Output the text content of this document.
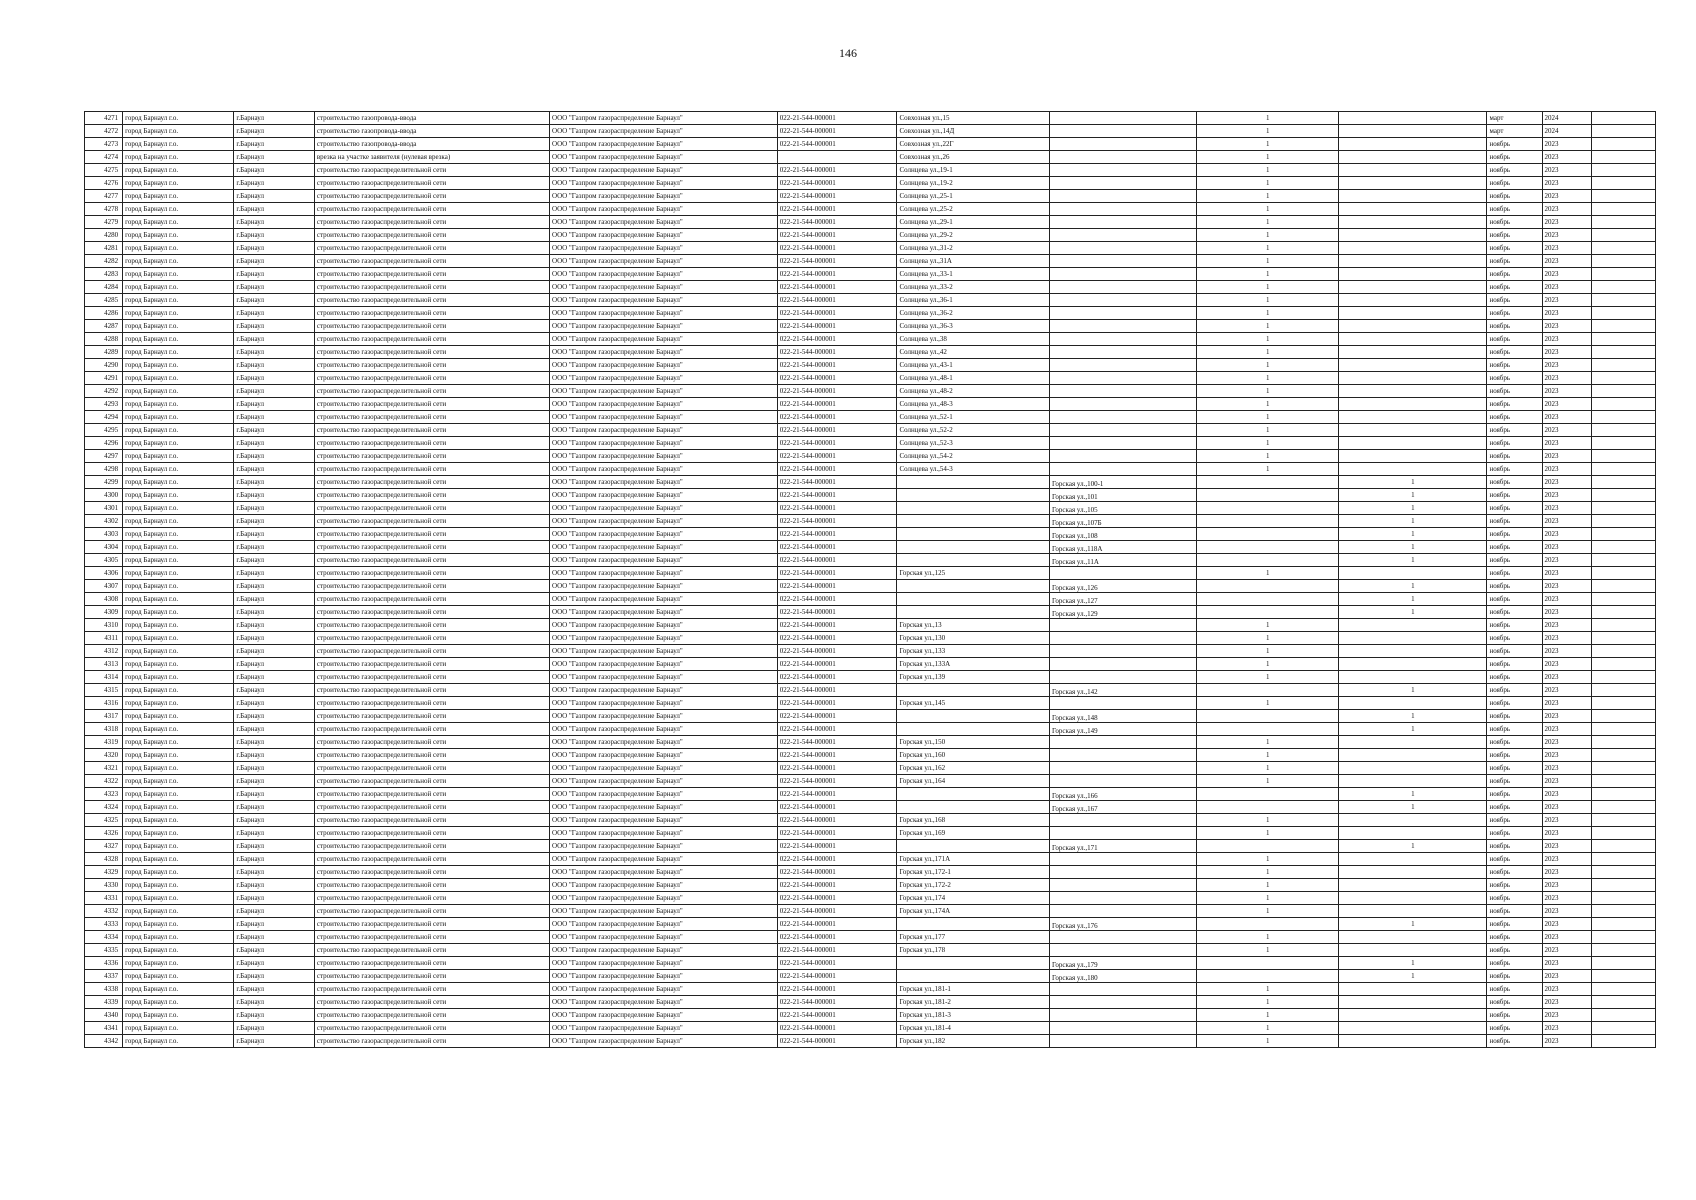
146
4271	город Барнаул г.о.	г.Барнаул	строительство газопровода-ввода	ООО "Газпром газораспределение Барнаул"	022-21-544-000001	Совхозная ул.,15		1		март	2024	
4272	город Барнаул г.о.	г.Барнаул	строительство газопровода-ввода	ООО "Газпром газораспределение Барнаул"	022-21-544-000001	Совхозная ул.,14Д		1		март	2024	
4273	город Барнаул г.о.	г.Барнаул	строительство газопровода-ввода	ООО "Газпром газораспределение Барнаул"	022-21-544-000001	Совхозная ул.,22Г		1		ноябрь	2023	
4274	город Барнаул г.о.	г.Барнаул	врезка на участке заявителя (нулевая врезка)	ООО "Газпром газораспределение Барнаул"		Совхозная ул.,26		1		ноябрь	2023	
4275	город Барнаул г.о.	г.Барнаул	строительство газораспределительной сети	ООО "Газпром газораспределение Барнаул"	022-21-544-000001	Солнцева ул.,19-1		1		ноябрь	2023	
4276	город Барнаул г.о.	г.Барнаул	строительство газораспределительной сети	ООО "Газпром газораспределение Барнаул"	022-21-544-000001	Солнцева ул.,19-2		1		ноябрь	2023	
4277	город Барнаул г.о.	г.Барнаул	строительство газораспределительной сети	ООО "Газпром газораспределение Барнаул"	022-21-544-000001	Солнцева ул.,25-1		1		ноябрь	2023	
4278	город Барнаул г.о.	г.Барнаул	строительство газораспределительной сети	ООО "Газпром газораспределение Барнаул"	022-21-544-000001	Солнцева ул.,25-2		1		ноябрь	2023	
4279	город Барнаул г.о.	г.Барнаул	строительство газораспределительной сети	ООО "Газпром газораспределение Барнаул"	022-21-544-000001	Солнцева ул.,29-1		1		ноябрь	2023	
4280	город Барнаул г.о.	г.Барнаул	строительство газораспределительной сети	ООО "Газпром газораспределение Барнаул"	022-21-544-000001	Солнцева ул.,29-2		1		ноябрь	2023	
4281	город Барнаул г.о.	г.Барнаул	строительство газораспределительной сети	ООО "Газпром газораспределение Барнаул"	022-21-544-000001	Солнцева ул.,31-2		1		ноябрь	2023	
4282	город Барнаул г.о.	г.Барнаул	строительство газораспределительной сети	ООО "Газпром газораспределение Барнаул"	022-21-544-000001	Солнцева ул.,31А		1		ноябрь	2023	
4283	город Барнаул г.о.	г.Барнаул	строительство газораспределительной сети	ООО "Газпром газораспределение Барнаул"	022-21-544-000001	Солнцева ул.,33-1		1		ноябрь	2023	
4284	город Барнаул г.о.	г.Барнаул	строительство газораспределительной сети	ООО "Газпром газораспределение Барнаул"	022-21-544-000001	Солнцева ул.,33-2		1		ноябрь	2023	
4285	город Барнаул г.о.	г.Барнаул	строительство газораспределительной сети	ООО "Газпром газораспределение Барнаул"	022-21-544-000001	Солнцева ул.,36-1		1		ноябрь	2023	
4286	город Барнаул г.о.	г.Барнаул	строительство газораспределительной сети	ООО "Газпром газораспределение Барнаул"	022-21-544-000001	Солнцева ул.,36-2		1		ноябрь	2023	
4287	город Барнаул г.о.	г.Барнаул	строительство газораспределительной сети	ООО "Газпром газораспределение Барнаул"	022-21-544-000001	Солнцева ул.,36-3		1		ноябрь	2023	
4288	город Барнаул г.о.	г.Барнаул	строительство газораспределительной сети	ООО "Газпром газораспределение Барнаул"	022-21-544-000001	Солнцева ул.,38		1		ноябрь	2023	
4289	город Барнаул г.о.	г.Барнаул	строительство газораспределительной сети	ООО "Газпром газораспределение Барнаул"	022-21-544-000001	Солнцева ул.,42		1		ноябрь	2023	
4290	город Барнаул г.о.	г.Барнаул	строительство газораспределительной сети	ООО "Газпром газораспределение Барнаул"	022-21-544-000001	Солнцева ул.,43-1		1		ноябрь	2023	
4291	город Барнаул г.о.	г.Барнаул	строительство газораспределительной сети	ООО "Газпром газораспределение Барнаул"	022-21-544-000001	Солнцева ул.,48-1		1		ноябрь	2023	
4292	город Барнаул г.о.	г.Барнаул	строительство газораспределительной сети	ООО "Газпром газораспределение Барнаул"	022-21-544-000001	Солнцева ул.,48-2		1		ноябрь	2023	
4293	город Барнаул г.о.	г.Барнаул	строительство газораспределительной сети	ООО "Газпром газораспределение Барнаул"	022-21-544-000001	Солнцева ул.,48-3		1		ноябрь	2023	
4294	город Барнаул г.о.	г.Барнаул	строительство газораспределительной сети	ООО "Газпром газораспределение Барнаул"	022-21-544-000001	Солнцева ул.,52-1		1		ноябрь	2023	
4295	город Барнаул г.о.	г.Барнаул	строительство газораспределительной сети	ООО "Газпром газораспределение Барнаул"	022-21-544-000001	Солнцева ул.,52-2		1		ноябрь	2023	
4296	город Барнаул г.о.	г.Барнаул	строительство газораспределительной сети	ООО "Газпром газораспределение Барнаул"	022-21-544-000001	Солнцева ул.,52-3		1		ноябрь	2023	
4297	город Барнаул г.о.	г.Барнаул	строительство газораспределительной сети	ООО "Газпром газораспределение Барнаул"	022-21-544-000001	Солнцева ул.,54-2		1		ноябрь	2023	
4298	город Барнаул г.о.	г.Барнаул	строительство газораспределительной сети	ООО "Газпром газораспределение Барнаул"	022-21-544-000001	Солнцева ул.,54-3		1		ноябрь	2023	
4299	город Барнаул г.о.	г.Барнаул	строительство газораспределительной сети	ООО "Газпром газораспределение Барнаул"	022-21-544-000001		Горская ул.,100-1		1	ноябрь	2023	
4300	город Барнаул г.о.	г.Барнаул	строительство газораспределительной сети	ООО "Газпром газораспределение Барнаул"	022-21-544-000001		Горская ул.,101		1	ноябрь	2023	
4301	город Барнаул г.о.	г.Барнаул	строительство газораспределительной сети	ООО "Газпром газораспределение Барнаул"	022-21-544-000001		Горская ул.,105		1	ноябрь	2023	
4302	город Барнаул г.о.	г.Барнаул	строительство газораспределительной сети	ООО "Газпром газораспределение Барнаул"	022-21-544-000001		Горская ул.,107Б		1	ноябрь	2023	
4303	город Барнаул г.о.	г.Барнаул	строительство газораспределительной сети	ООО "Газпром газораспределение Барнаул"	022-21-544-000001		Горская ул.,108		1	ноябрь	2023	
4304	город Барнаул г.о.	г.Барнаул	строительство газораспределительной сети	ООО "Газпром газораспределение Барнаул"	022-21-544-000001		Горская ул.,118А		1	ноябрь	2023	
4305	город Барнаул г.о.	г.Барнаул	строительство газораспределительной сети	ООО "Газпром газораспределение Барнаул"	022-21-544-000001		Горская ул.,11А		1	ноябрь	2023	
4306	город Барнаул г.о.	г.Барнаул	строительство газораспределительной сети	ООО "Газпром газораспределение Барнаул"	022-21-544-000001	Горская ул.,125		1		ноябрь	2023	
4307	город Барнаул г.о.	г.Барнаул	строительство газораспределительной сети	ООО "Газпром газораспределение Барнаул"	022-21-544-000001		Горская ул.,126		1	ноябрь	2023	
4308	город Барнаул г.о.	г.Барнаул	строительство газораспределительной сети	ООО "Газпром газораспределение Барнаул"	022-21-544-000001		Горская ул.,127		1	ноябрь	2023	
4309	город Барнаул г.о.	г.Барнаул	строительство газораспределительной сети	ООО "Газпром газораспределение Барнаул"	022-21-544-000001		Горская ул.,129		1	ноябрь	2023	
4310	город Барнаул г.о.	г.Барнаул	строительство газораспределительной сети	ООО "Газпром газораспределение Барнаул"	022-21-544-000001	Горская ул.,13		1		ноябрь	2023	
4311	город Барнаул г.о.	г.Барнаул	строительство газораспределительной сети	ООО "Газпром газораспределение Барнаул"	022-21-544-000001	Горская ул.,130		1		ноябрь	2023	
4312	город Барнаул г.о.	г.Барнаул	строительство газораспределительной сети	ООО "Газпром газораспределение Барнаул"	022-21-544-000001	Горская ул.,133		1		ноябрь	2023	
4313	город Барнаул г.о.	г.Барнаул	строительство газораспределительной сети	ООО "Газпром газораспределение Барнаул"	022-21-544-000001	Горская ул.,133А		1		ноябрь	2023	
4314	город Барнаул г.о.	г.Барнаул	строительство газораспределительной сети	ООО "Газпром газораспределение Барнаул"	022-21-544-000001	Горская ул.,139		1		ноябрь	2023	
4315	город Барнаул г.о.	г.Барнаул	строительство газораспределительной сети	ООО "Газпром газораспределение Барнаул"	022-21-544-000001		Горская ул.,142		1	ноябрь	2023	
4316	город Барнаул г.о.	г.Барнаул	строительство газораспределительной сети	ООО "Газпром газораспределение Барнаул"	022-21-544-000001	Горская ул.,145		1		ноябрь	2023	
4317	город Барнаул г.о.	г.Барнаул	строительство газораспределительной сети	ООО "Газпром газораспределение Барнаул"	022-21-544-000001		Горская ул.,148		1	ноябрь	2023	
4318	город Барнаул г.о.	г.Барнаул	строительство газораспределительной сети	ООО "Газпром газораспределение Барнаул"	022-21-544-000001		Горская ул.,149		1	ноябрь	2023	
4319	город Барнаул г.о.	г.Барнаул	строительство газораспределительной сети	ООО "Газпром газораспределение Барнаул"	022-21-544-000001	Горская ул.,150		1		ноябрь	2023	
4320	город Барнаул г.о.	г.Барнаул	строительство газораспределительной сети	ООО "Газпром газораспределение Барнаул"	022-21-544-000001	Горская ул.,160		1		ноябрь	2023	
4321	город Барнаул г.о.	г.Барнаул	строительство газораспределительной сети	ООО "Газпром газораспределение Барнаул"	022-21-544-000001	Горская ул.,162		1		ноябрь	2023	
4322	город Барнаул г.о.	г.Барнаул	строительство газораспределительной сети	ООО "Газпром газораспределение Барнаул"	022-21-544-000001	Горская ул.,164		1		ноябрь	2023	
4323	город Барнаул г.о.	г.Барнаул	строительство газораспределительной сети	ООО "Газпром газораспределение Барнаул"	022-21-544-000001		Горская ул.,166		1	ноябрь	2023	
4324	город Барнаул г.о.	г.Барнаул	строительство газораспределительной сети	ООО "Газпром газораспределение Барнаул"	022-21-544-000001		Горская ул.,167		1	ноябрь	2023	
4325	город Барнаул г.о.	г.Барнаул	строительство газораспределительной сети	ООО "Газпром газораспределение Барнаул"	022-21-544-000001	Горская ул.,168		1		ноябрь	2023	
4326	город Барнаул г.о.	г.Барнаул	строительство газораспределительной сети	ООО "Газпром газораспределение Барнаул"	022-21-544-000001	Горская ул.,169		1		ноябрь	2023	
4327	город Барнаул г.о.	г.Барнаул	строительство газораспределительной сети	ООО "Газпром газораспределение Барнаул"	022-21-544-000001		Горская ул.,171		1	ноябрь	2023	
4328	город Барнаул г.о.	г.Барнаул	строительство газораспределительной сети	ООО "Газпром газораспределение Барнаул"	022-21-544-000001	Горская ул.,171А		1		ноябрь	2023	
4329	город Барнаул г.о.	г.Барнаул	строительство газораспределительной сети	ООО "Газпром газораспределение Барнаул"	022-21-544-000001	Горская ул.,172-1		1		ноябрь	2023	
4330	город Барнаул г.о.	г.Барнаул	строительство газораспределительной сети	ООО "Газпром газораспределение Барнаул"	022-21-544-000001	Горская ул.,172-2		1		ноябрь	2023	
4331	город Барнаул г.о.	г.Барнаул	строительство газораспределительной сети	ООО "Газпром газораспределение Барнаул"	022-21-544-000001	Горская ул.,174		1		ноябрь	2023	
4332	город Барнаул г.о.	г.Барнаул	строительство газораспределительной сети	ООО "Газпром газораспределение Барнаул"	022-21-544-000001	Горская ул.,174А		1		ноябрь	2023	
4333	город Барнаул г.о.	г.Барнаул	строительство газораспределительной сети	ООО "Газпром газораспределение Барнаул"	022-21-544-000001		Горская ул.,176		1	ноябрь	2023	
4334	город Барнаул г.о.	г.Барнаул	строительство газораспределительной сети	ООО "Газпром газораспределение Барнаул"	022-21-544-000001	Горская ул.,177		1		ноябрь	2023	
4335	город Барнаул г.о.	г.Барнаул	строительство газораспределительной сети	ООО "Газпром газораспределение Барнаул"	022-21-544-000001	Горская ул.,178		1		ноябрь	2023	
4336	город Барнаул г.о.	г.Барнаул	строительство газораспределительной сети	ООО "Газпром газораспределение Барнаул"	022-21-544-000001		Горская ул.,179		1	ноябрь	2023	
4337	город Барнаул г.о.	г.Барнаул	строительство газораспределительной сети	ООО "Газпром газораспределение Барнаул"	022-21-544-000001		Горская ул.,180		1	ноябрь	2023	
4338	город Барнаул г.о.	г.Барнаул	строительство газораспределительной сети	ООО "Газпром газораспределение Барнаул"	022-21-544-000001	Горская ул.,181-1		1		ноябрь	2023	
4339	город Барнаул г.о.	г.Барнаул	строительство газораспределительной сети	ООО "Газпром газораспределение Барнаул"	022-21-544-000001	Горская ул.,181-2		1		ноябрь	2023	
4340	город Барнаул г.о.	г.Барнаул	строительство газораспределительной сети	ООО "Газпром газораспределение Барнаул"	022-21-544-000001	Горская ул.,181-3		1		ноябрь	2023	
4341	город Барнаул г.о.	г.Барнаул	строительство газораспределительной сети	ООО "Газпром газораспределение Барнаул"	022-21-544-000001	Горская ул.,181-4		1		ноябрь	2023	
4342	город Барнаул г.о.	г.Барнаул	строительство газораспределительной сети	ООО "Газпром газораспределение Барнаул"	022-21-544-000001	Горская ул.,182		1		ноябрь	2023	
